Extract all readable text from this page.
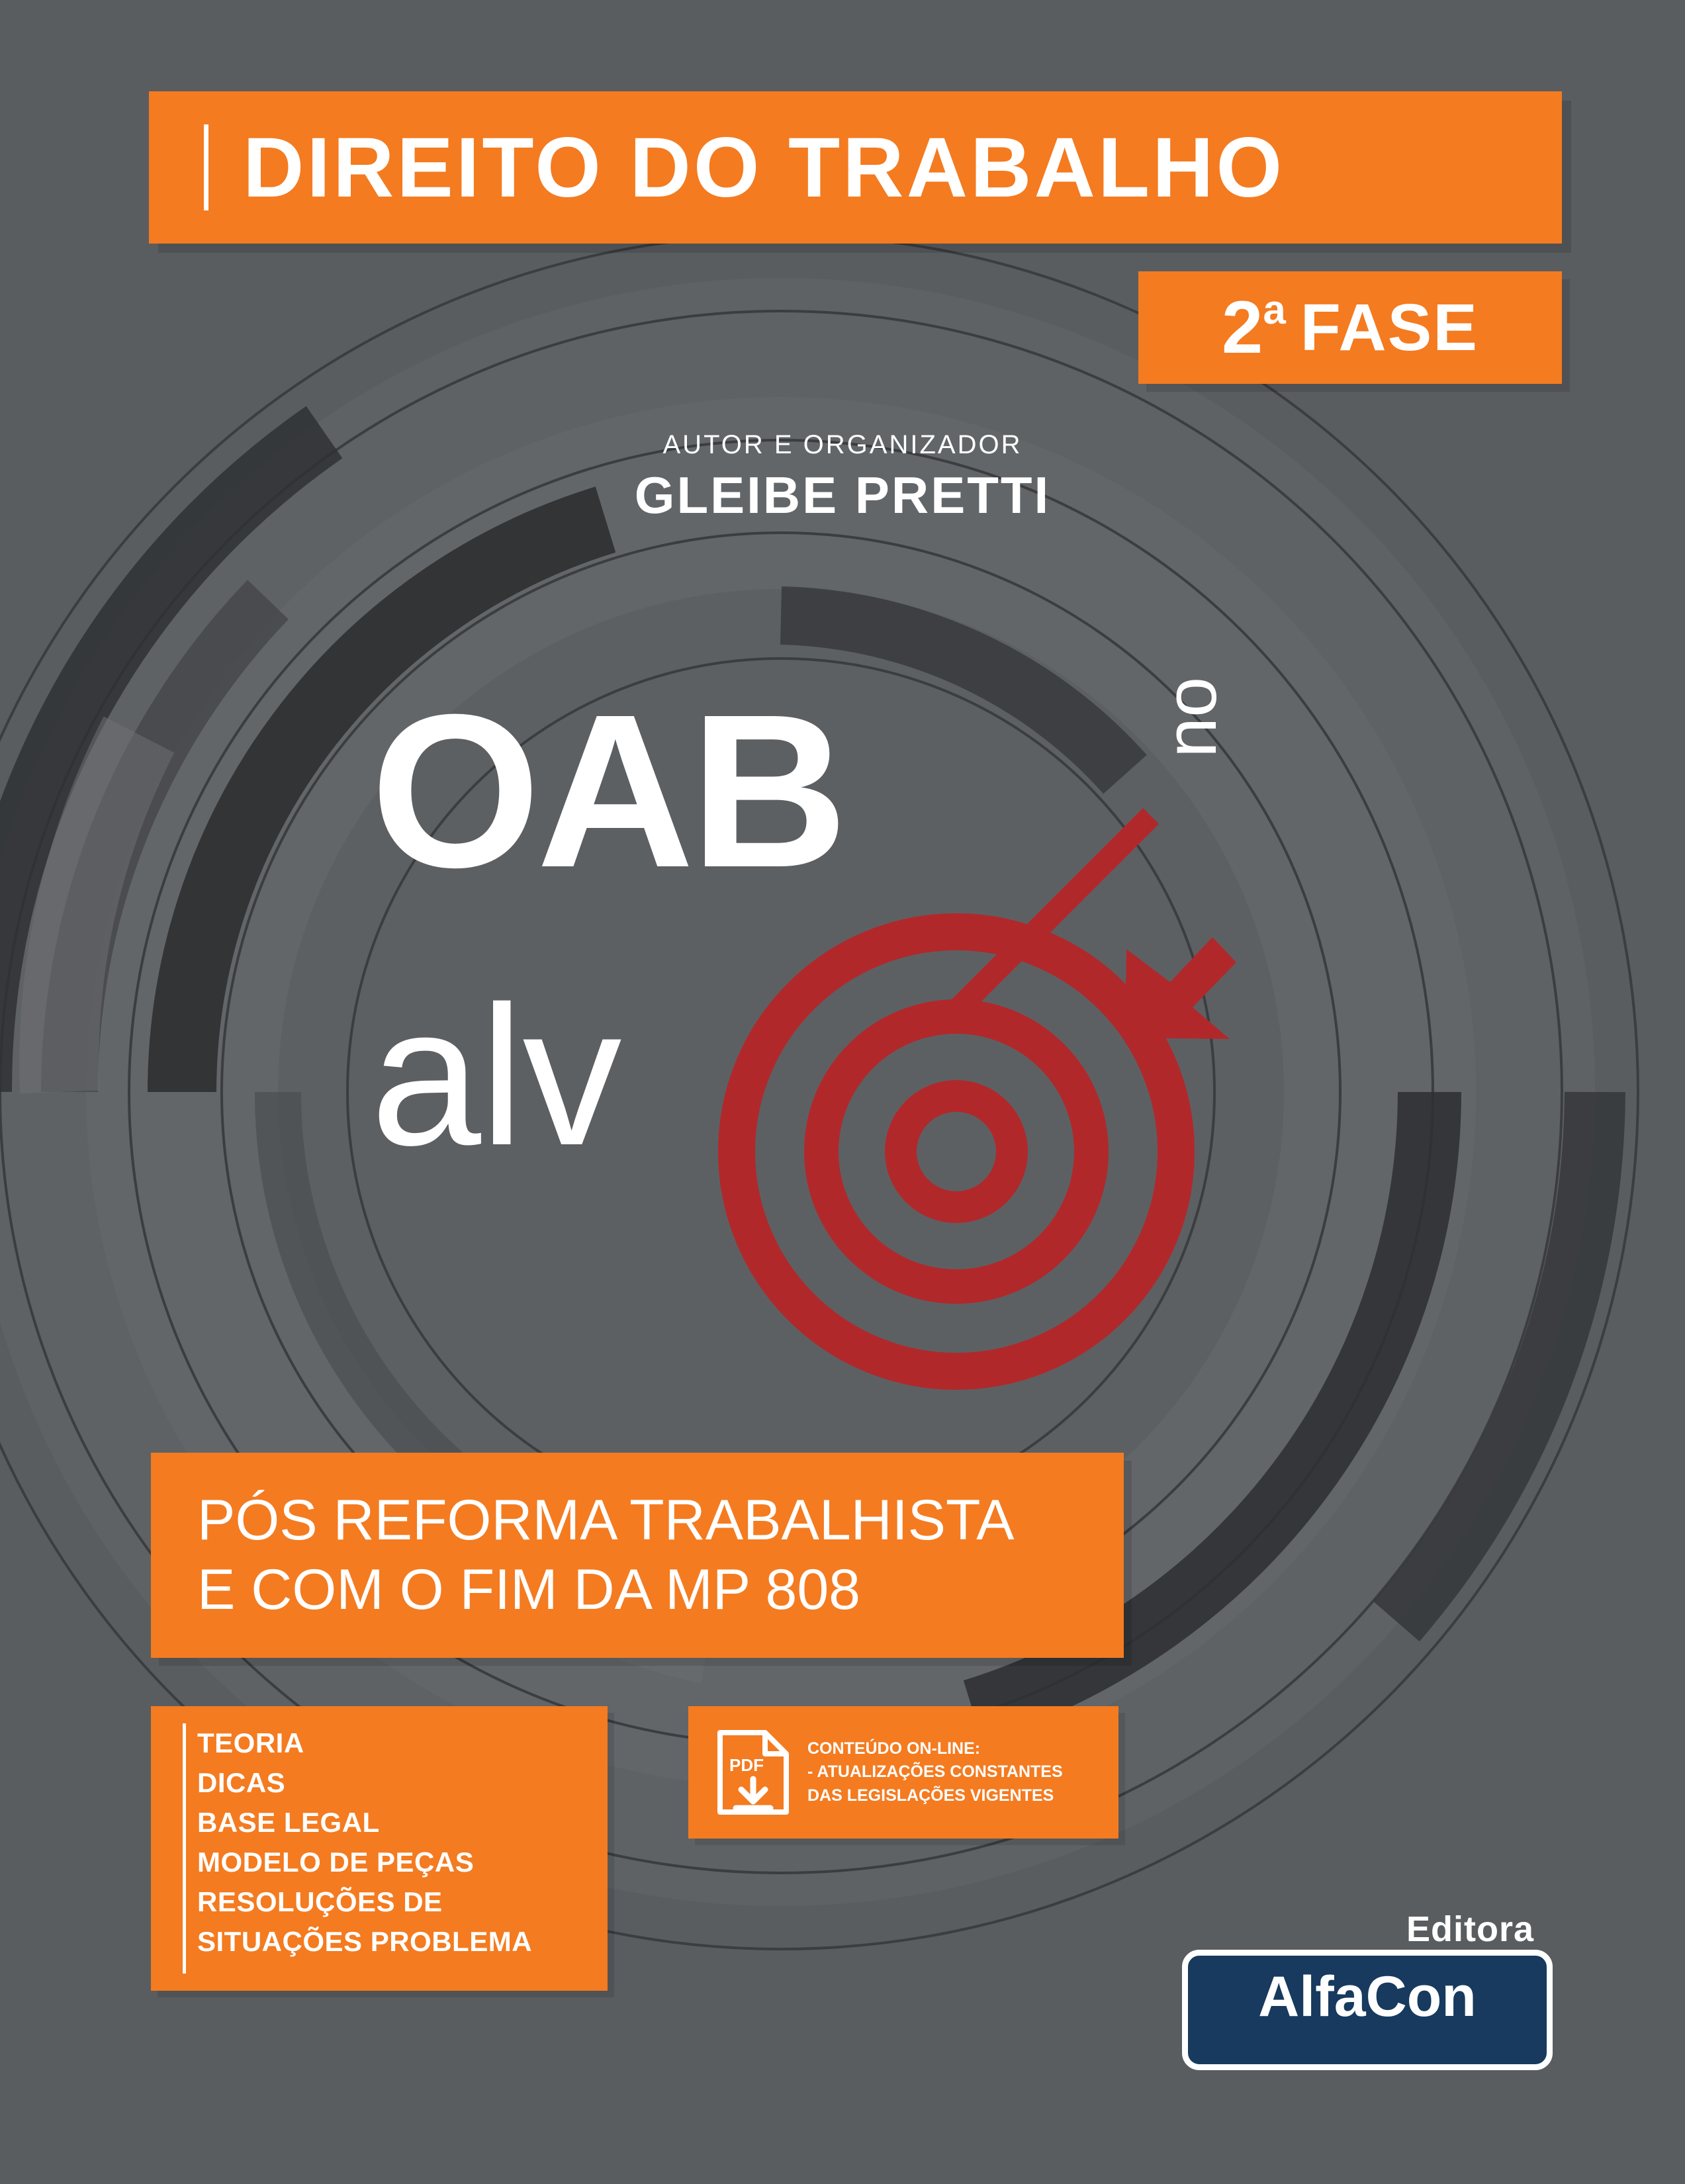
DIREITO DO TRABALHO
2 a FASE
AUTOR E ORGANIZADOR
GLEIBE PRETTI
OAB	no
alv
PÓS REFORMA TRABALHISTA
E COM O FIM DA MP 808
TEORIA
DICAS
BASE LEGAL
MODELO DE PEÇAS
RESOLUÇÕES DE
SITUAÇÕES PROBLEMA
PDF
CONTEÚDO ON-LINE:
- ATUALIZAÇÕES CONSTANTES
DAS LEGISLAÇÕES VIGENTES
Editora
AlfaCon
